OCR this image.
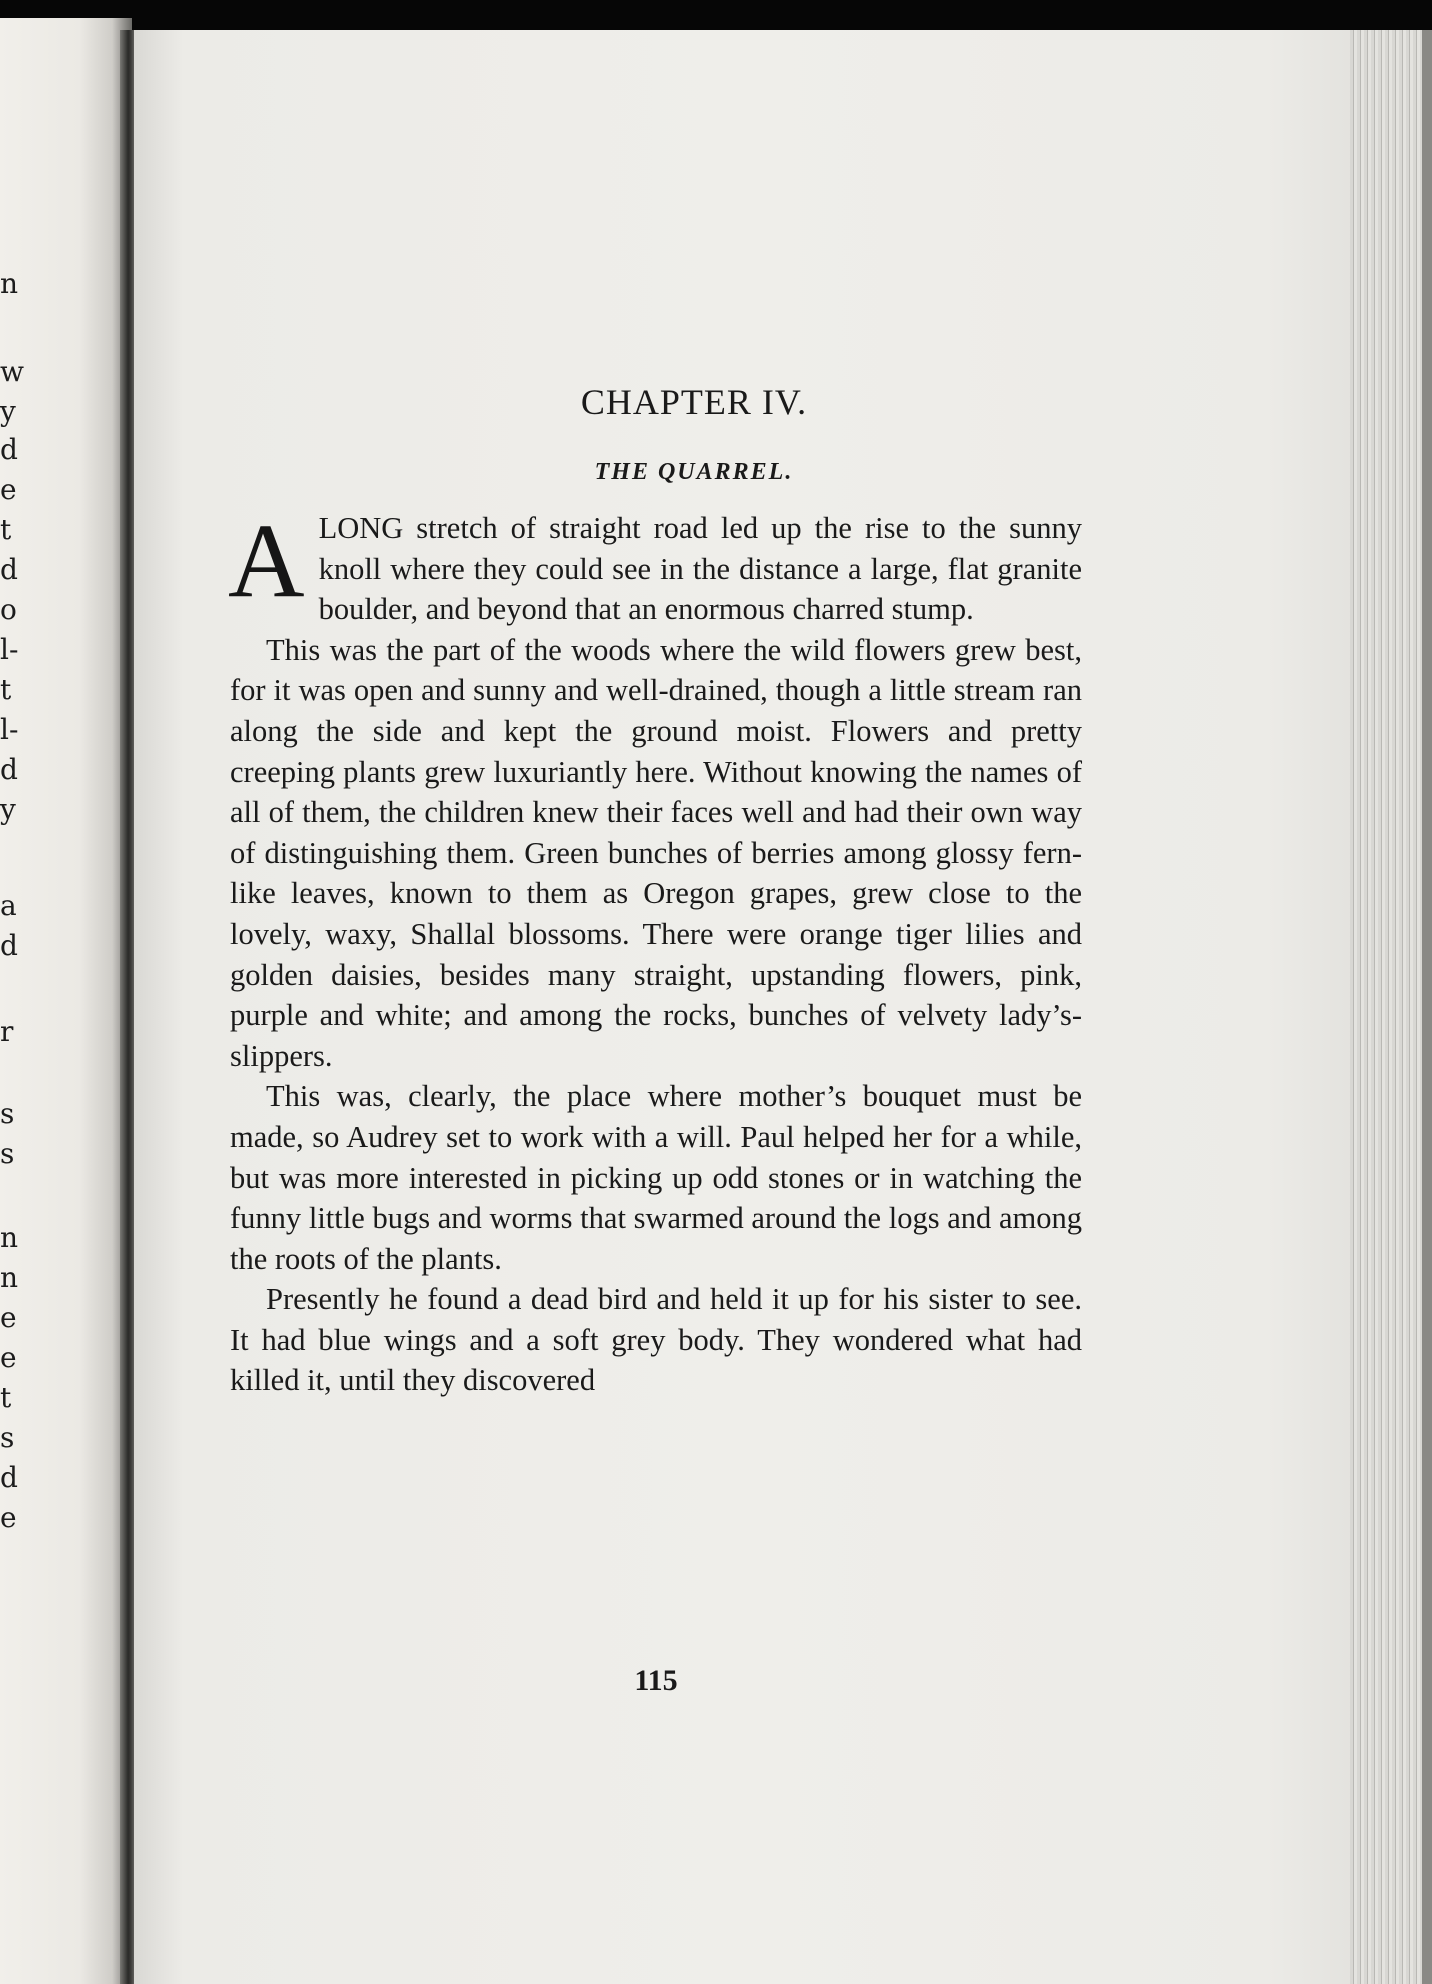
n
w
y
d
e
t
d
o
l-
t
l-
d
y
a
d
r
s
s
n
n
e
e
t
s
d
e
CHAPTER IV.
THE QUARREL.

ALONG stretch of straight road led up the rise to the sunny knoll where they could see in the distance a large, flat granite boulder, and beyond that an enormous charred stump.

This was the part of the woods where the wild flowers grew best, for it was open and sunny and well-drained, though a little stream ran along the side and kept the ground moist. Flowers and pretty creeping plants grew luxuriantly here. Without knowing the names of all of them, the children knew their faces well and had their own way of distinguishing them. Green bunches of berries among glossy fern-like leaves, known to them as Oregon grapes, grew close to the lovely, waxy, Shallal blossoms. There were orange tiger lilies and golden daisies, besides many straight, upstanding flowers, pink, purple and white; and among the rocks, bunches of velvety lady’s-slippers.

This was, clearly, the place where mother’s bouquet must be made, so Audrey set to work with a will. Paul helped her for a while, but was more interested in picking up odd stones or in watching the funny little bugs and worms that swarmed around the logs and among the roots of the plants.

Presently he found a dead bird and held it up for his sister to see. It had blue wings and a soft grey body. They wondered what had killed it, until they discovered

115
